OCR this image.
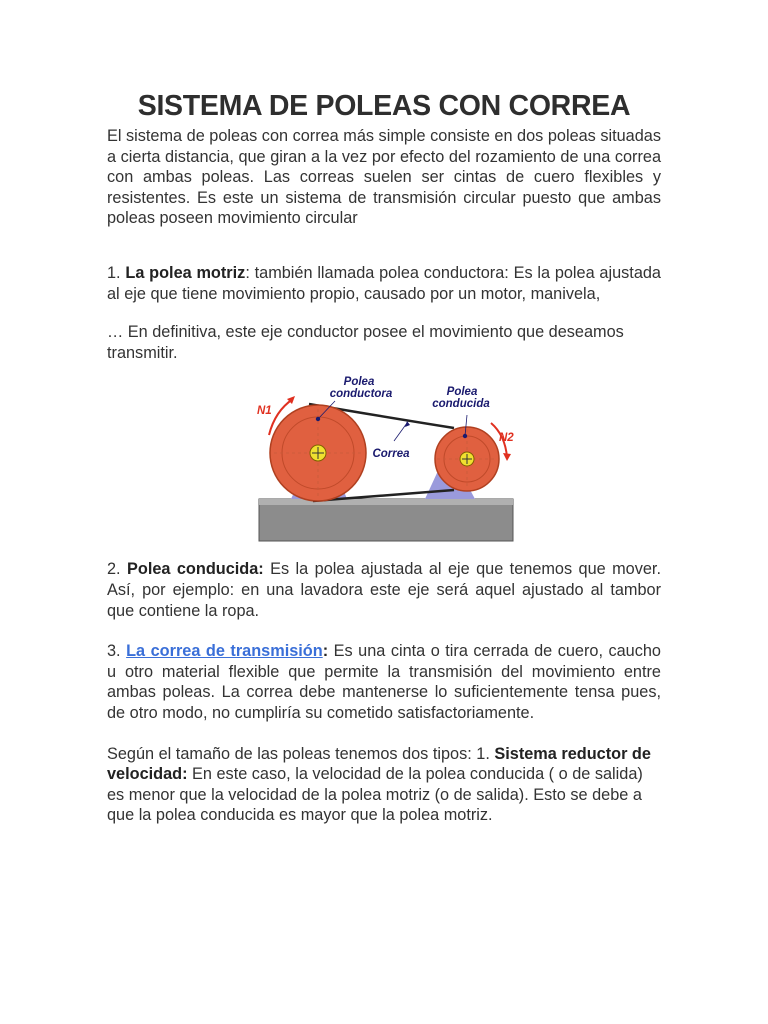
SISTEMA DE POLEAS CON CORREA

El sistema de poleas con correa más simple consiste en dos poleas situadas a cierta distancia, que giran a la vez por efecto del rozamiento de una correa con ambas poleas. Las correas suelen ser cintas de cuero flexibles y resistentes. Es este un sistema de transmisión circular puesto que ambas poleas poseen movimiento circular

1. La polea motriz: también llamada polea conductora: Es la polea ajustada al eje que tiene movimiento propio, causado por un motor, manivela,

… En definitiva, este eje conductor posee el movimiento que deseamos transmitir.

Polea
conductora	Polea
conducida
Correa
N1
N2

2. Polea conducida: Es la polea ajustada al eje que tenemos que mover. Así, por ejemplo: en una lavadora este eje será aquel ajustado al tambor que contiene la ropa.

3. La correa de transmisión: Es una cinta o tira cerrada de cuero, caucho u otro material flexible que permite la transmisión del movimiento entre ambas poleas. La correa debe mantenerse lo suficientemente tensa pues, de otro modo, no cumpliría su cometido satisfactoriamente.

Según el tamaño de las poleas tenemos dos tipos: 1. Sistema reductor de velocidad: En este caso, la velocidad de la polea conducida ( o de salida) es menor que la velocidad de la polea motriz (o de salida). Esto se debe a que la polea conducida es mayor que la polea motriz.
